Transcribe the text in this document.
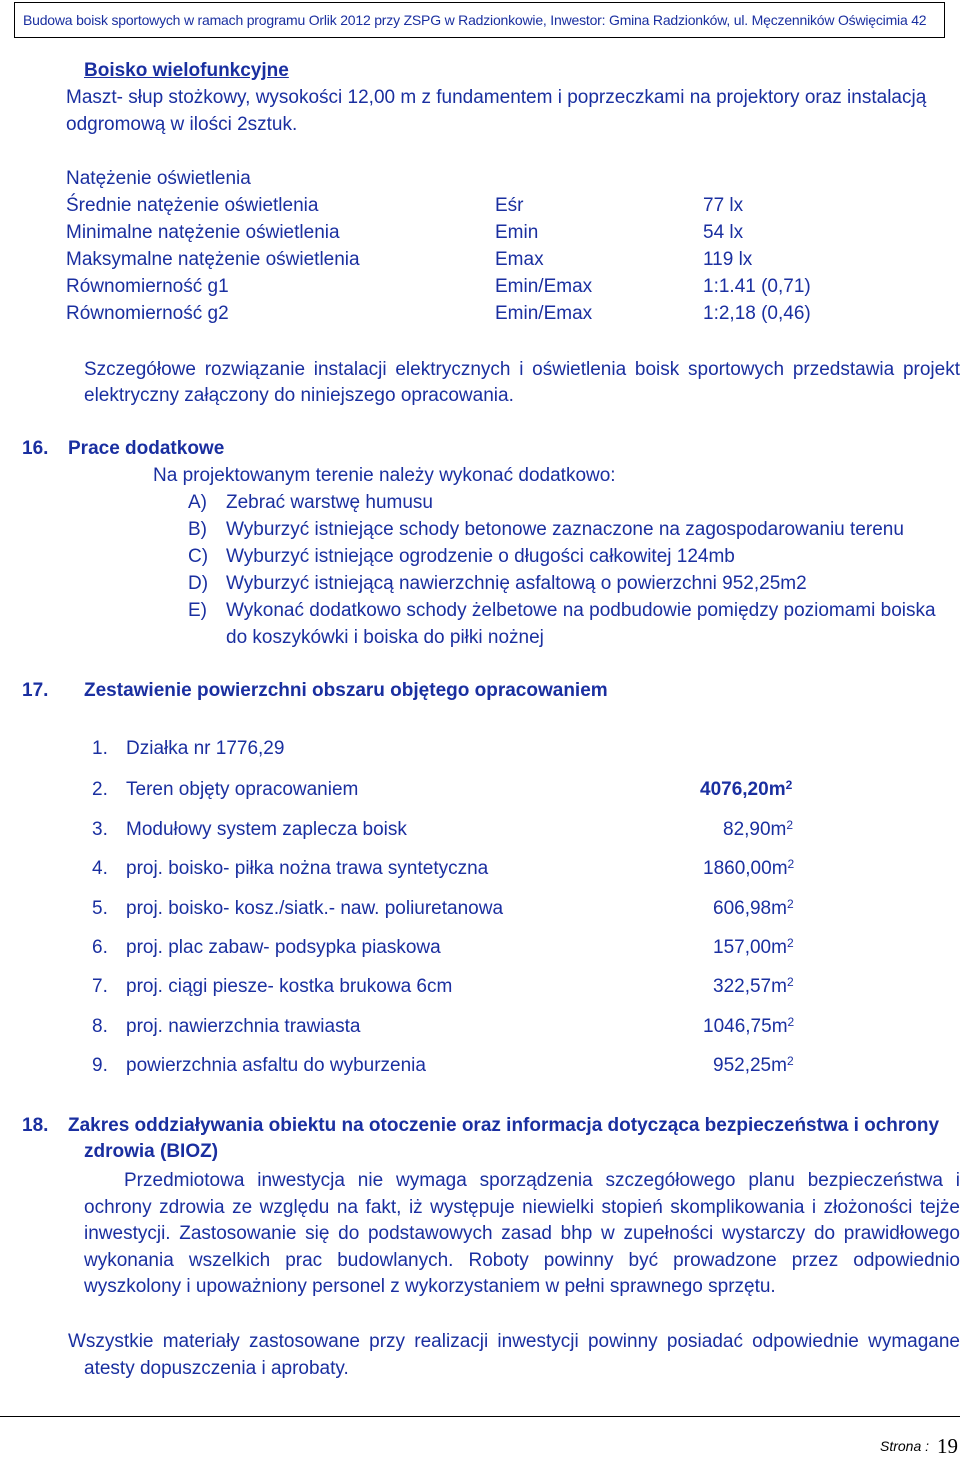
Budowa boisk sportowych w ramach programu Orlik 2012 przy ZSPG w Radzionkowie, Inwestor: Gmina Radzionków, ul. Męczenników Oświęcimia 42
Boisko wielofunkcyjne
Maszt- słup stożkowy, wysokości 12,00 m z fundamentem i poprzeczkami na projektory oraz instalacją
odgromową w ilości 2sztuk.
Natężenie oświetlenia
Średnie natężenie oświetlenia	Eśr	77 lx
Minimalne natężenie oświetlenia	Emin	54 lx
Maksymalne natężenie oświetlenia	Emax	119 lx
Równomierność g1	Emin/Emax	1:1.41 (0,71)
Równomierność g2	Emin/Emax	1:2,18 (0,46)
Szczegółowe rozwiązanie instalacji elektrycznych i oświetlenia boisk sportowych przedstawia projekt elektryczny załączony do niniejszego opracowania.
16. Prace dodatkowe
Na projektowanym terenie należy wykonać dodatkowo:
A) Zebrać warstwę humusu
B) Wyburzyć istniejące schody betonowe zaznaczone na zagospodarowaniu terenu
C) Wyburzyć istniejące ogrodzenie o długości całkowitej 124mb
D) Wyburzyć istniejącą nawierzchnię asfaltową o powierzchni 952,25m2
E) Wykonać dodatkowo schody żelbetowe na podbudowie pomiędzy poziomami boiska
do koszykówki i boiska do piłki nożnej
17. Zestawienie powierzchni obszaru objętego opracowaniem
1. Działka nr 1776,29
2. Teren objęty opracowaniem	$4076,20m^2$
3. Modułowy system zaplecza boisk	$82,90m^2$
4. proj. boisko- piłka nożna trawa syntetyczna	$1860,00m^2$
5. proj. boisko- kosz./siatk.- naw. poliuretanowa	$606,98m^2$
6. proj. plac zabaw- podsypka piaskowa	$157,00m^2$
7. proj. ciągi piesze- kostka brukowa 6cm	$322,57m^2$
8. proj. nawierzchnia trawiasta	$1046,75m^2$
9. powierzchnia asfaltu do wyburzenia	$952,25m^2$
18. Zakres oddziaływania obiektu na otoczenie oraz informacja dotycząca bezpieczeństwa i ochrony
zdrowia (BIOZ)
Przedmiotowa inwestycja nie wymaga sporządzenia szczegółowego planu bezpieczeństwa i ochrony zdrowia ze względu na fakt, iż występuje niewielki stopień skomplikowania i złożoności tejże inwestycji. Zastosowanie się do podstawowych zasad bhp w zupełności wystarczy do prawidłowego wykonania wszelkich prac budowlanych. Roboty powinny być prowadzone przez odpowiednio wyszkolony i upoważniony personel z wykorzystaniem w pełni sprawnego sprzętu.
Wszystkie materiały zastosowane przy realizacji inwestycji powinny posiadać odpowiednie wymagane atesty dopuszczenia i aprobaty.
Strona : 19
